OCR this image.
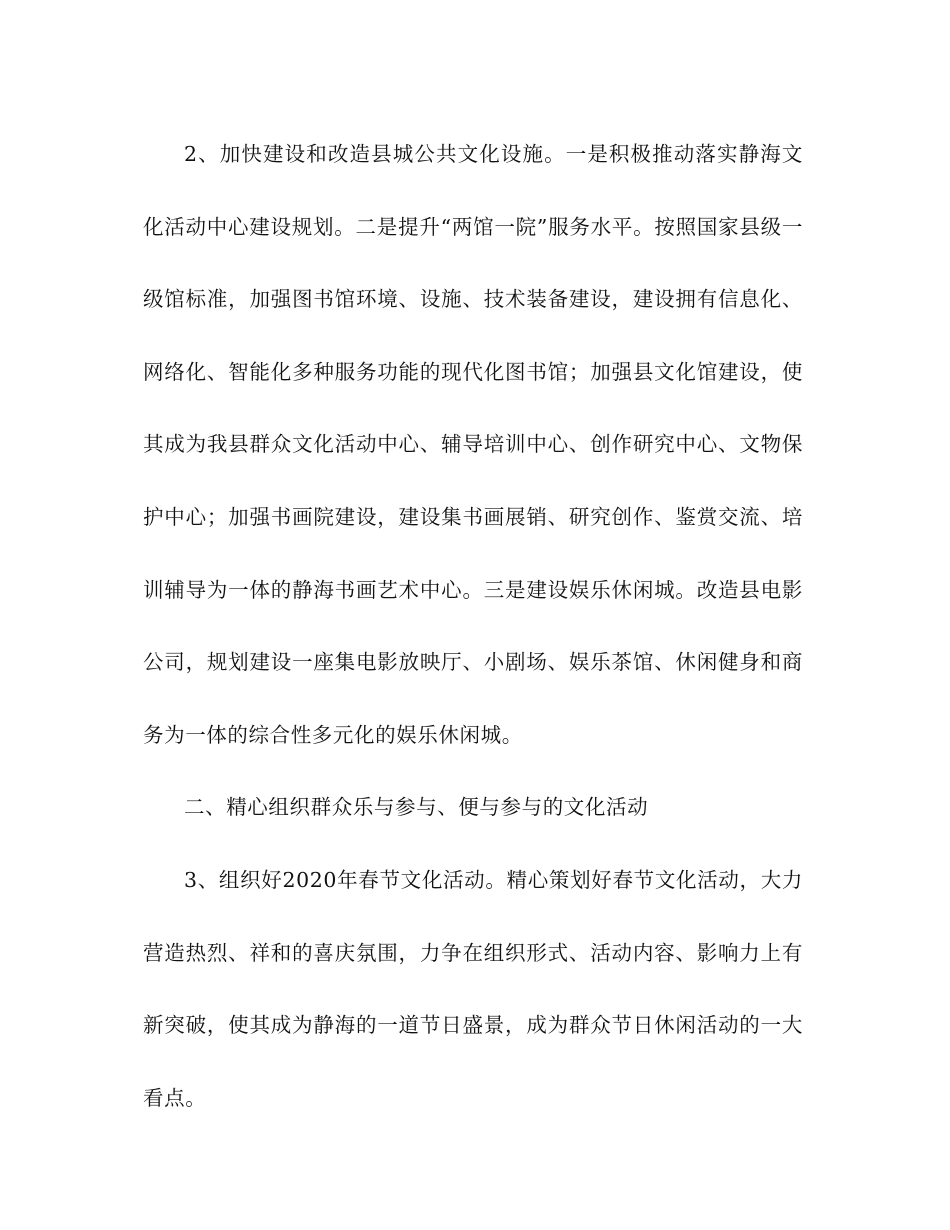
2、加快建设和改造县城公共文化设施。一是积极推动落实静海文化活动中心建设规划。二是提升“两馆一院”服务水平。按照国家县级一级馆标准，加强图书馆环境、设施、技术装备建设，建设拥有信息化、网络化、智能化多种服务功能的现代化图书馆；加强县文化馆建设，使其成为我县群众文化活动中心、辅导培训中心、创作研究中心、文物保护中心；加强书画院建设，建设集书画展销、研究创作、鉴赏交流、培训辅导为一体的静海书画艺术中心。三是建设娱乐休闲城。改造县电影公司，规划建设一座集电影放映厅、小剧场、娱乐茶馆、休闲健身和商务为一体的综合性多元化的娱乐休闲城。

二、精心组织群众乐与参与、便与参与的文化活动

3、组织好2020年春节文化活动。精心策划好春节文化活动，大力营造热烈、祥和的喜庆氛围，力争在组织形式、活动内容、影响力上有新突破，使其成为静海的一道节日盛景，成为群众节日休闲活动的一大看点。
